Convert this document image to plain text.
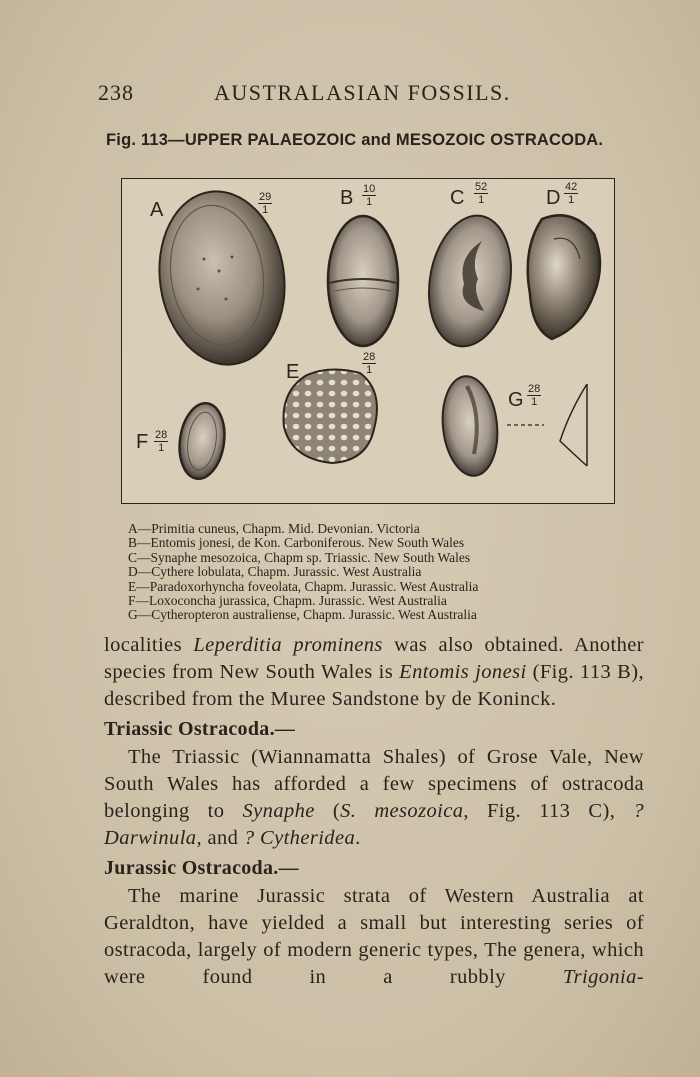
238	AUSTRALASIAN FOSSILS.
Fig. 113—UPPER PALAEOZOIC and MESOZOIC OSTRACODA.
A	$\frac{29}{1}$	B $\frac{10}{1}$	C $\frac{52}{1}$	D $\frac{42}{1}$
E	$\frac{28}{1}$
F $\frac{28}{1}$
G $\frac{28}{1}$
A—Primitia cuneus, Chapm. Mid. Devonian. Victoria
B—Entomis jonesi, de Kon. Carboniferous. New South Wales
C—Synaphe mesozoica, Chapm sp. Triassic. New South Wales
D—Cythere lobulata, Chapm. Jurassic. West Australia
E—Paradoxorhyncha foveolata, Chapm. Jurassic. West Australia
F—Loxoconcha jurassica, Chapm. Jurassic. West Australia
G—Cytheropteron australiense, Chapm. Jurassic. West Australia

localities Leperditia prominens was also obtained. Another species from New South Wales is Entomis jonesi (Fig. 113 B), described from the Muree Sandstone by de Koninck.

Triassic Ostracoda.—

The Triassic (Wiannamatta Shales) of Grose Vale, New South Wales has afforded a few specimens of ostracoda belonging to Synaphe (S. mesozoica, Fig. 113 C), ? Darwinula, and ? Cytheridea.

Jurassic Ostracoda.—

The marine Jurassic strata of Western Australia at Geraldton, have yielded a small but interesting series of ostracoda, largely of modern generic types, The genera, which were found in a rubbly Trigonia-
